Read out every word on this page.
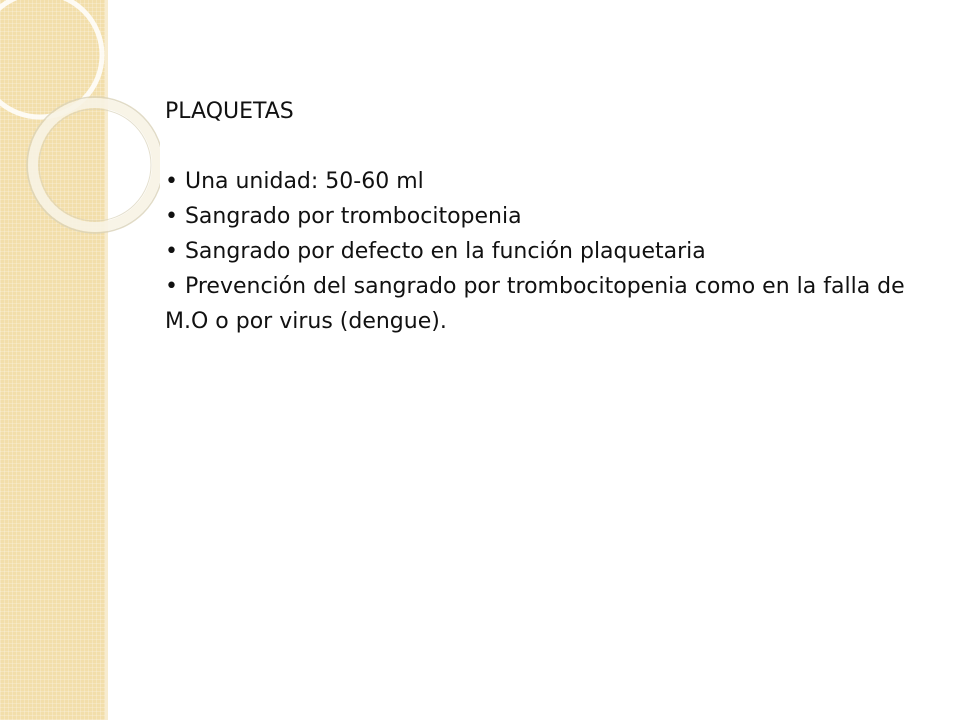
PLAQUETAS

• Una unidad: 50-60 ml

• Sangrado por trombocitopenia

• Sangrado por defecto en la función plaquetaria

• Prevención del sangrado por trombocitopenia como en la falla de M.O o por virus (dengue).
